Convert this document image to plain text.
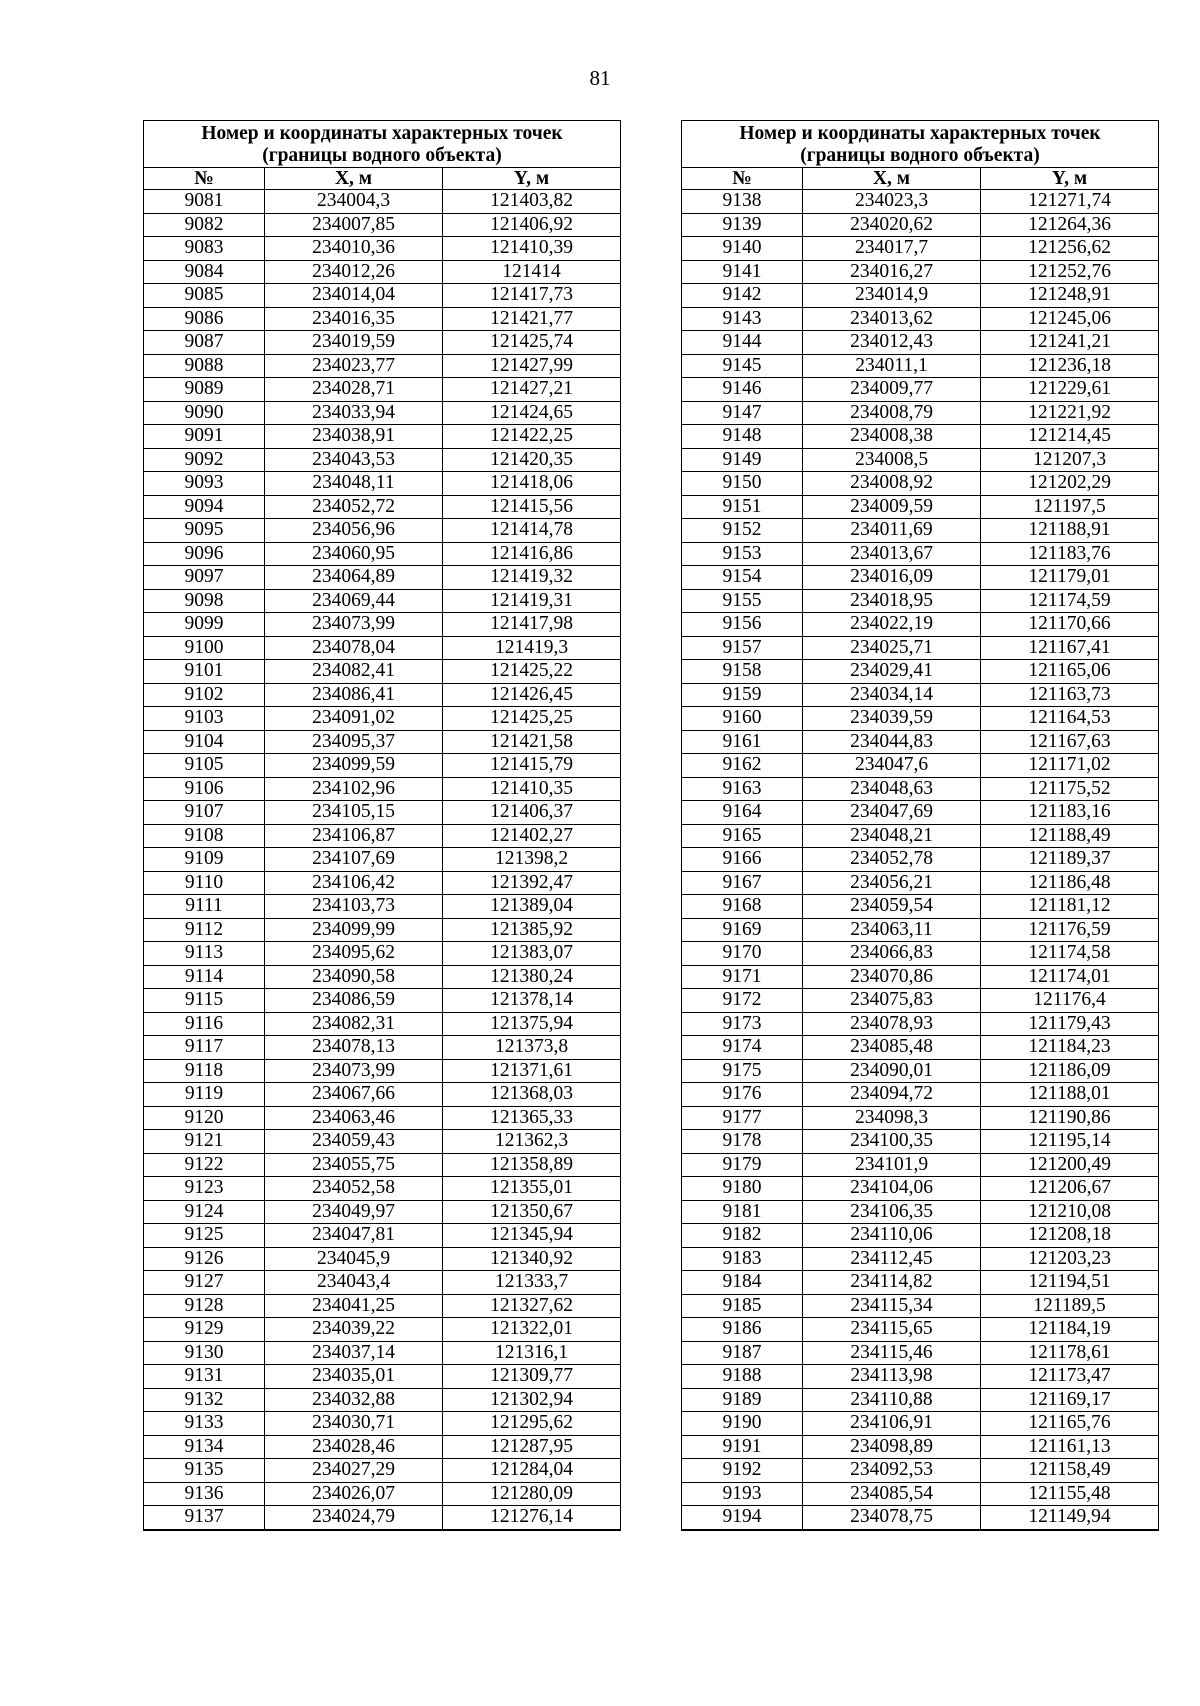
81
Номер и координаты характерных точек
(границы водного объекта)		

№	X, м	Y, м
9081	234004,3	121403,82
9082	234007,85	121406,92
9083	234010,36	121410,39
9084	234012,26	121414
9085	234014,04	121417,73
9086	234016,35	121421,77
9087	234019,59	121425,74
9088	234023,77	121427,99
9089	234028,71	121427,21
9090	234033,94	121424,65
9091	234038,91	121422,25
9092	234043,53	121420,35
9093	234048,11	121418,06
9094	234052,72	121415,56
9095	234056,96	121414,78
9096	234060,95	121416,86
9097	234064,89	121419,32
9098	234069,44	121419,31
9099	234073,99	121417,98
9100	234078,04	121419,3
9101	234082,41	121425,22
9102	234086,41	121426,45
9103	234091,02	121425,25
9104	234095,37	121421,58
9105	234099,59	121415,79
9106	234102,96	121410,35
9107	234105,15	121406,37
9108	234106,87	121402,27
9109	234107,69	121398,2
9110	234106,42	121392,47
9111	234103,73	121389,04
9112	234099,99	121385,92
9113	234095,62	121383,07
9114	234090,58	121380,24
9115	234086,59	121378,14
9116	234082,31	121375,94
9117	234078,13	121373,8
9118	234073,99	121371,61
9119	234067,66	121368,03
9120	234063,46	121365,33
9121	234059,43	121362,3
9122	234055,75	121358,89
9123	234052,58	121355,01
9124	234049,97	121350,67
9125	234047,81	121345,94
9126	234045,9	121340,92
9127	234043,4	121333,7
9128	234041,25	121327,62
9129	234039,22	121322,01
9130	234037,14	121316,1
9131	234035,01	121309,77
9132	234032,88	121302,94
9133	234030,71	121295,62
9134	234028,46	121287,95
9135	234027,29	121284,04
9136	234026,07	121280,09
9137	234024,79	121276,14
Номер и координаты характерных точек
(границы водного объекта)		

№	X, м	Y, м
9138	234023,3	121271,74
9139	234020,62	121264,36
9140	234017,7	121256,62
9141	234016,27	121252,76
9142	234014,9	121248,91
9143	234013,62	121245,06
9144	234012,43	121241,21
9145	234011,1	121236,18
9146	234009,77	121229,61
9147	234008,79	121221,92
9148	234008,38	121214,45
9149	234008,5	121207,3
9150	234008,92	121202,29
9151	234009,59	121197,5
9152	234011,69	121188,91
9153	234013,67	121183,76
9154	234016,09	121179,01
9155	234018,95	121174,59
9156	234022,19	121170,66
9157	234025,71	121167,41
9158	234029,41	121165,06
9159	234034,14	121163,73
9160	234039,59	121164,53
9161	234044,83	121167,63
9162	234047,6	121171,02
9163	234048,63	121175,52
9164	234047,69	121183,16
9165	234048,21	121188,49
9166	234052,78	121189,37
9167	234056,21	121186,48
9168	234059,54	121181,12
9169	234063,11	121176,59
9170	234066,83	121174,58
9171	234070,86	121174,01
9172	234075,83	121176,4
9173	234078,93	121179,43
9174	234085,48	121184,23
9175	234090,01	121186,09
9176	234094,72	121188,01
9177	234098,3	121190,86
9178	234100,35	121195,14
9179	234101,9	121200,49
9180	234104,06	121206,67
9181	234106,35	121210,08
9182	234110,06	121208,18
9183	234112,45	121203,23
9184	234114,82	121194,51
9185	234115,34	121189,5
9186	234115,65	121184,19
9187	234115,46	121178,61
9188	234113,98	121173,47
9189	234110,88	121169,17
9190	234106,91	121165,76
9191	234098,89	121161,13
9192	234092,53	121158,49
9193	234085,54	121155,48
9194	234078,75	121149,94
